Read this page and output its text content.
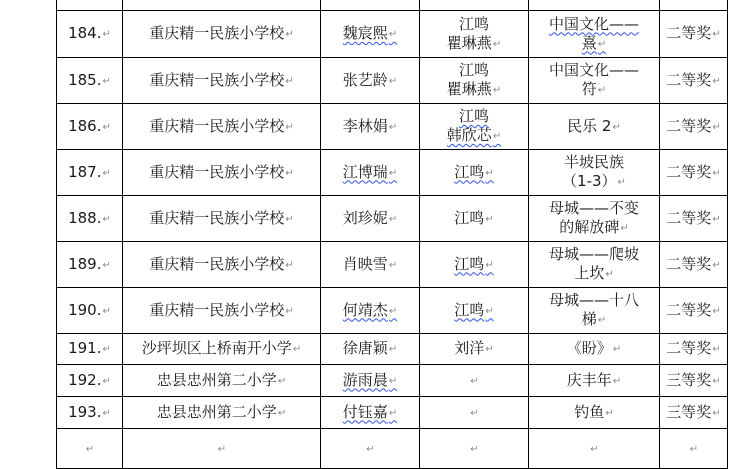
184.↵	重庆精一民族小学校↵	魏宸熙↵	江鸣
瞿琳燕↵	中国文化——
熹↵	二等奖↵

185.↵	重庆精一民族小学校↵	张艺龄↵	江鸣
瞿琳燕↵	中国文化——
符↵	二等奖↵

186.↵	重庆精一民族小学校↵	李林娟↵	江鸣
韩欣芯↵	民乐 2↵	二等奖↵

187.↵	重庆精一民族小学校↵	江博瑞↵	江鸣↵	半坡民族
（1-3）↵	二等奖↵

188.↵	重庆精一民族小学校↵	刘珍妮↵	江鸣↵	母城——不变
的解放碑↵	二等奖↵

189.↵	重庆精一民族小学校↵	肖映雪↵	江鸣↵	母城——爬坡
上坎↵	二等奖↵

190.↵	重庆精一民族小学校↵	何靖杰↵	江鸣↵	母城——十八
梯↵	二等奖↵

191.↵	沙坪坝区上桥南开小学↵	徐唐颖↵	刘洋↵	《盼》↵	二等奖↵

192.↵	忠县忠州第二小学↵	游雨晨↵	↵	庆丰年↵	三等奖↵

193.↵	忠县忠州第二小学↵	付钰嘉↵	↵	钓鱼↵	三等奖↵

↵	↵	↵	↵	↵	↵
